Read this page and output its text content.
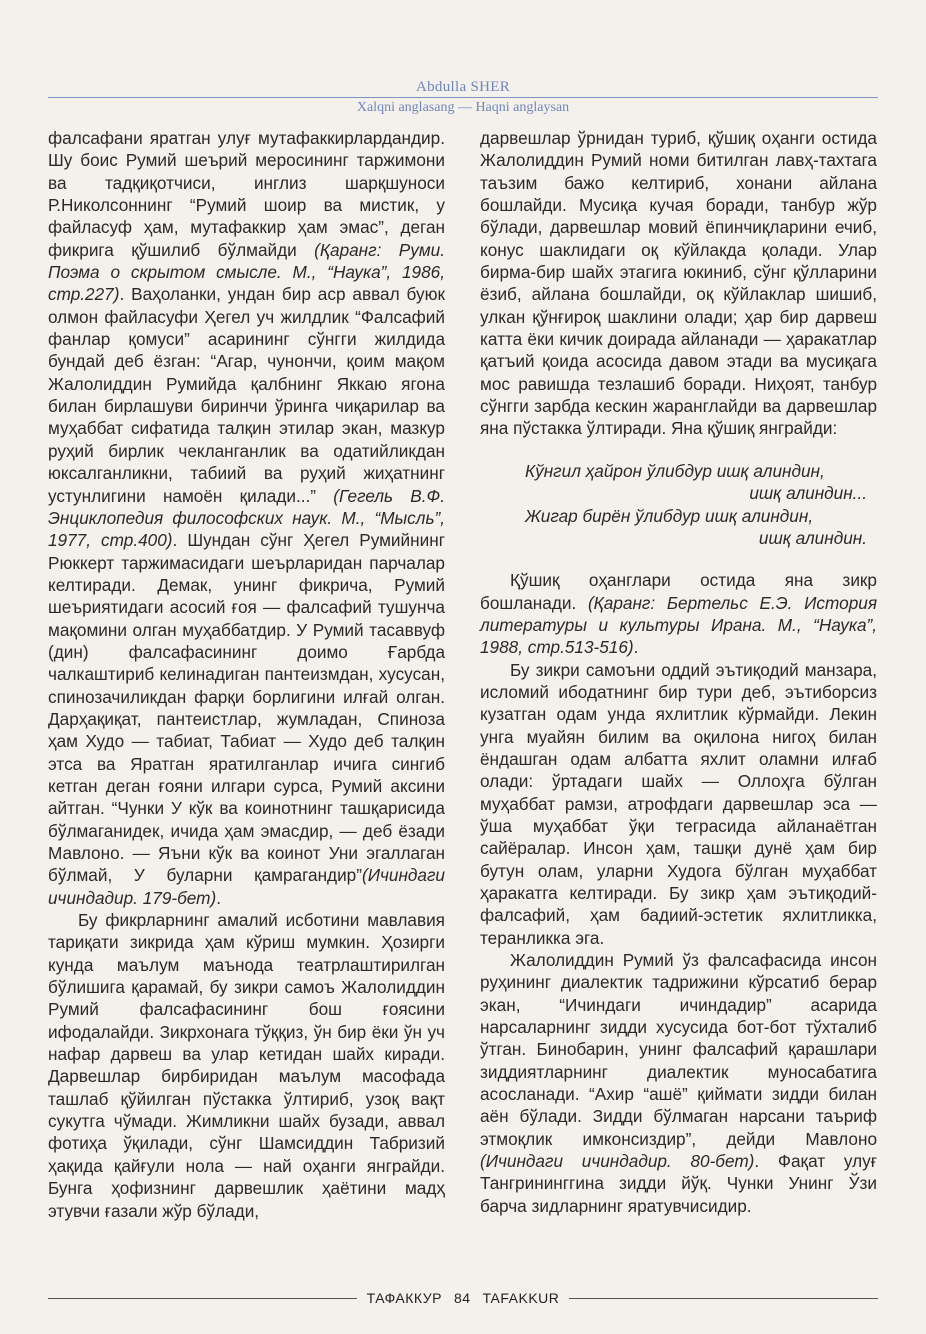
Abdulla SHER
Xalqni anglasang — Haqni anglaysan

фалсафани яратган улуғ мутафаккирлардандир. Шу боис Румий шеърий меросининг таржимони ва тадқиқотчиси, инглиз шарқшуноси Р.Николсоннинг “Румий шоир ва мистик, у файласуф ҳам, мутафаккир ҳам эмас”, деган фикрига қўшилиб бўлмайди (Қаранг: Руми. Поэма о скрытом смысле. М., “Наука”, 1986, стр.227). Ваҳоланки, ундан бир аср аввал буюк олмон файласуфи Ҳегел уч жилдлик “Фалсафий фанлар қомуси” асарининг сўнгги жилдида бундай деб ёзган: “Агар, чунончи, қоим мақом Жалолиддин Румийда қалбнинг Яккаю ягона билан бирлашуви биринчи ўринга чиқарилар ва муҳаббат сифатида талқин этилар экан, мазкур руҳий бирлик чекланганлик ва одатийликдан юксалганликни, табиий ва руҳий жиҳатнинг устунлигини намоён қилади...” (Гегель В.Ф. Энциклопедия философских наук. М., “Мысль”, 1977, стр.400). Шундан сўнг Ҳегел Румийнинг Рюккерт таржимасидаги шеърларидан парчалар келтиради. Демак, унинг фикрича, Румий шеъриятидаги асосий ғоя — фалсафий тушунча мақомини олган муҳаббатдир. У Румий тасаввуф (дин) фалсафасининг доимо Ғарбда чалкаштириб келинадиган пантеизмдан, хусусан, спинозачиликдан фарқи борлигини илғай олган. Дарҳақиқат, пантеистлар, жумладан, Спиноза ҳам Худо — табиат, Табиат — Худо деб талқин этса ва Яратган яратилганлар ичига сингиб кетган деган ғояни илгари сурса, Румий аксини айтган. “Чунки У кўк ва коинотнинг ташқарисида бўлмаганидек, ичида ҳам эмасдир, — деб ёзади Мавлоно. — Яъни кўк ва коинот Уни эгаллаган бўлмай, У буларни қамрагандир”(Ичиндаги ичиндадир. 179-бет).

Бу фикрларнинг амалий исботини мавлавия тариқати зикрида ҳам кўриш мумкин. Ҳозирги кунда маълум маънода театрлаштирилган бўлишига қарамай, бу зикри самоъ Жалолиддин Румий фалсафасининг бош ғоясини ифодалайди. Зикрхонага тўққиз, ўн бир ёки ўн уч нафар дарвеш ва улар кетидан шайх киради. Дарвешлар бирбиридан маълум масофада ташлаб қўйилган пўстакка ўлтириб, узоқ вақт сукутга чўмади. Жимликни шайх бузади, аввал фотиҳа ўқилади, сўнг Шамсиддин Табризий ҳақида қайғули нола — най оҳанги янграйди. Бунга ҳофизнинг дарвешлик ҳаётини мадҳ этувчи ғазали жўр бўлади,

дарвешлар ўрнидан туриб, қўшиқ оҳанги остида Жалолиддин Румий номи битилган лавҳ-тахтага таъзим бажо келтириб, хонани айлана бошлайди. Мусиқа кучая боради, танбур жўр бўлади, дарвешлар мовий ёпинчиқларини ечиб, конус шаклидаги оқ кўйлакда қолади. Улар бирма-бир шайх этагига юкиниб, сўнг қўлларини ёзиб, айлана бошлайди, оқ кўйлаклар шишиб, улкан қўнғироқ шаклини олади; ҳар бир дарвеш катта ёки кичик доирада айланади — ҳаракатлар қатъий қоида асосида давом этади ва мусиқага мос равишда тезлашиб боради. Ниҳоят, танбур сўнгги зарбда кескин жаранглайди ва дарвешлар яна пўстакка ўлтиради. Яна қўшиқ янграйди:

Кўнгил ҳайрон ўлибдур ишқ алиндин,
ишқ алиндин...
Жигар бирён ўлибдур ишқ алиндин,
ишқ алиндин.

Қўшиқ оҳанглари остида яна зикр бошланади. (Қаранг: Бертельс Е.Э. История литературы и культуры Ирана. М., “Наука”, 1988, стр.513-516).

Бу зикри самоъни оддий эътиқодий манзара, исломий ибодатнинг бир тури деб, эътиборсиз кузатган одам унда яхлитлик кўрмайди. Лекин унга муайян билим ва оқилона нигоҳ билан ёндашган одам албатта яхлит оламни илғаб олади: ўртадаги шайх — Оллоҳга бўлган муҳаббат рамзи, атрофдаги дарвешлар эса — ўша муҳаббат ўқи теграсида айланаётган сайёралар. Инсон ҳам, ташқи дунё ҳам бир бутун олам, уларни Худога бўлган муҳаббат ҳаракатга келтиради. Бу зикр ҳам эътиқодий-фалсафий, ҳам бадиий-эстетик яхлитликка, теранликка эга.

Жалолиддин Румий ўз фалсафасида инсон руҳининг диалектик тадрижини кўрсатиб берар экан, “Ичиндаги ичиндадир” асарида нарсаларнинг зидди хусусида бот-бот тўхталиб ўтган. Бинобарин, унинг фалсафий қарашлари зиддиятларнинг диалектик муносабатига асосланади. “Ахир “ашё” қиймати зидди билан аён бўлади. Зидди бўлмаган нарсани таъриф этмоқлик имконсиздир”, дейди Мавлоно (Ичиндаги ичиндадир. 80-бет). Фақат улуғ Тангрининггина зидди йўқ. Чунки Унинг Ўзи барча зидларнинг яратувчисидир.

ТАФАККУР 84 TAFAKKUR
